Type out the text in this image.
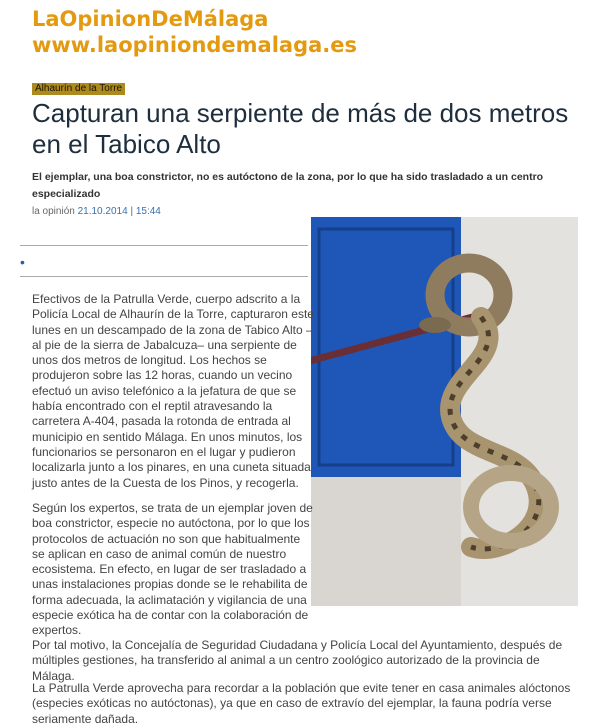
LaOpinionDeMálaga
www.laopiniondemalaga.es
Alhaurín de la Torre
Capturan una serpiente de más de dos metros en el Tabico Alto
El ejemplar, una boa constrictor, no es autóctono de la zona, por lo que ha sido trasladado a un centro especializado
la opinión 21.10.2014 | 15:44
•

Efectivos de la Patrulla Verde, cuerpo adscrito a la Policía Local de Alhaurín de la Torre, capturaron este lunes en un descampado de la zona de Tabico Alto – al pie de la sierra de Jabalcuza– una serpiente de unos dos metros de longitud. Los hechos se produjeron sobre las 12 horas, cuando un vecino efectuó un aviso telefónico a la jefatura de que se había encontrado con el reptil atravesando la carretera A-404, pasada la rotonda de entrada al municipio en sentido Málaga. En unos minutos, los funcionarios se personaron en el lugar y pudieron localizarla junto a los pinares, en una cuneta situada justo antes de la Cuesta de los Pinos, y recogerla.

Según los expertos, se trata de un ejemplar joven de boa constrictor, especie no autóctona, por lo que los protocolos de actuación no son que habitualmente se aplican en caso de animal común de nuestro ecosistema. En efecto, en lugar de ser trasladado a unas instalaciones propias donde se le rehabilita de forma adecuada, la aclimatación y vigilancia de una especie exótica ha de contar con la colaboración de expertos.

Por tal motivo, la Concejalía de Seguridad Ciudadana y Policía Local del Ayuntamiento, después de múltiples gestiones, ha transferido al animal a un centro zoológico autorizado de la provincia de Málaga.

La Patrulla Verde aprovecha para recordar a la población que evite tener en casa animales alóctonos (especies exóticas no autóctonas), ya que en caso de extravío del ejemplar, la fauna podría verse seriamente dañada.
